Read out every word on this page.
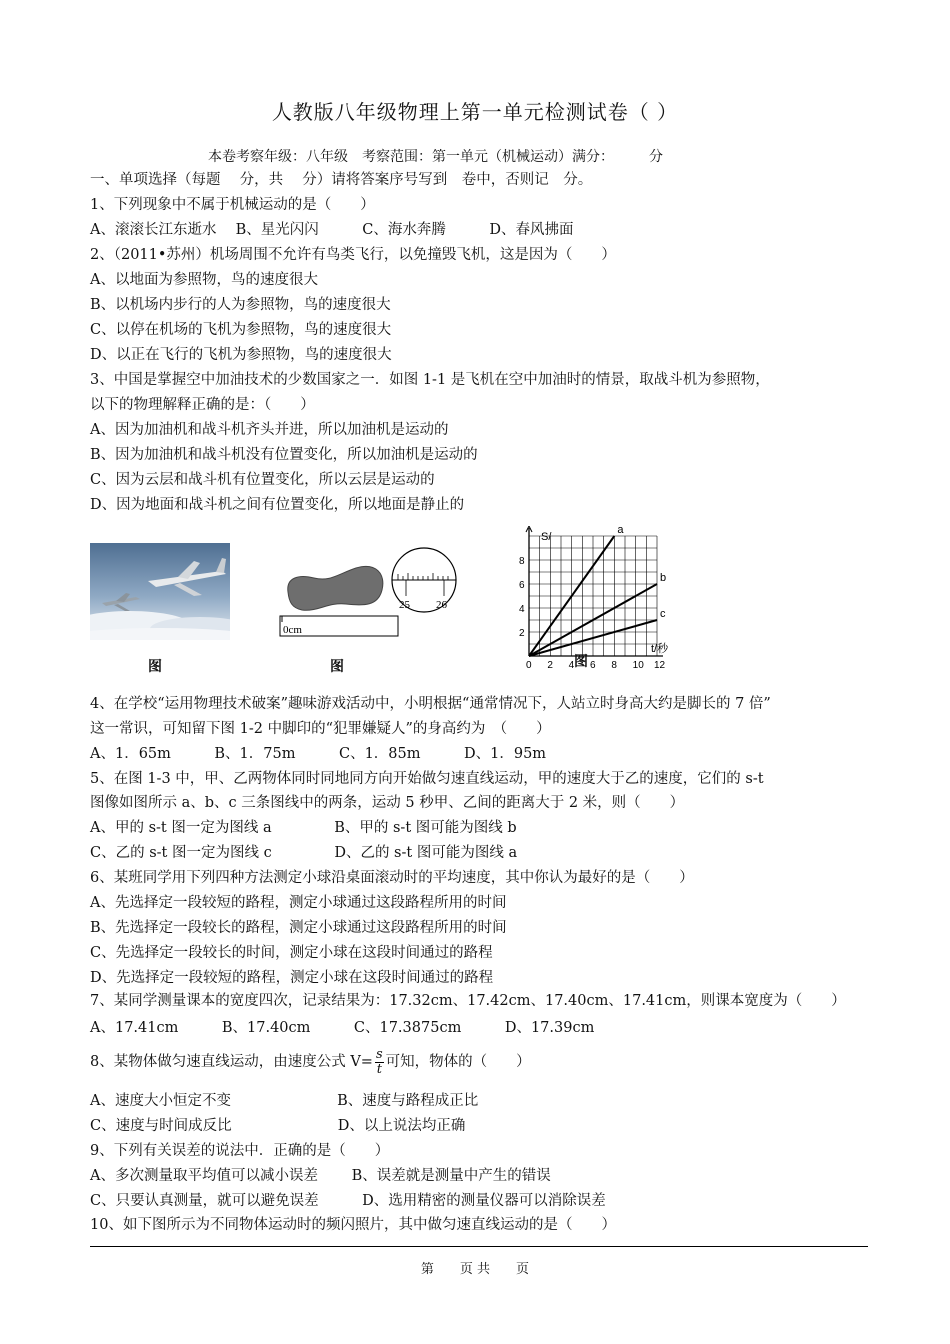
人教版八年级物理上第一单元检测试卷（ ）
本卷考察年级：八年级　考察范围：第一单元（机械运动）满分：　　　分
一、单项选择（每题　 分，共　 分）请将答案序号写到　卷中，否则记　分。
1、下列现象中不属于机械运动的是（　　）
A、滚滚长江东逝水　 B、星光闪闪　　　C、海水奔腾　　　D、春风拂面
2、（2011•苏州）机场周围不允许有鸟类飞行，以免撞毁飞机，这是因为（　　）
A、以地面为参照物，鸟的速度很大
B、以机场内步行的人为参照物，鸟的速度很大
C、以停在机场的飞机为参照物，鸟的速度很大
D、以正在飞行的飞机为参照物，鸟的速度很大
3、中国是掌握空中加油技术的少数国家之一．如图 1-1 是飞机在空中加油时的情景，取战斗机为参照物，
以下的物理解释正确的是：（　　）
A、因为加油机和战斗机齐头并进，所以加油机是运动的
B、因为加油机和战斗机没有位置变化，所以加油机是运动的
C、因为云层和战斗机有位置变化，所以云层是运动的
D、因为地面和战斗机之间有位置变化，所以地面是静止的
图
0cm
25 26
图
a
b
c
0 2 4 6 8 10 12
2
4
6
8
S/
t/秒
图
4、在学校“运用物理技术破案”趣味游戏活动中，小明根据“通常情况下，人站立时身高大约是脚长的 7 倍”
这一常识，可知留下图 1-2 中脚印的“犯罪嫌疑人”的身高约为　（　　）
A、1．65m　　　B、1．75m　　　C、1．85m　　　D、1．95m
5、在图 1-3 中，甲、乙两物体同时同地同方向开始做匀速直线运动，甲的速度大于乙的速度，它们的 s-t
图像如图所示 a、b、c 三条图线中的两条，运动 5 秒甲、乙间的距离大于 2 米，则（　　）
A、甲的 s-t 图一定为图线 a　　　　 B、甲的 s-t 图可能为图线 b
C、乙的 s-t 图一定为图线 c　　　　 D、乙的 s-t 图可能为图线 a
6、某班同学用下列四种方法测定小球沿桌面滚动时的平均速度，其中你认为最好的是（　　）
A、先选择定一段较短的路程，测定小球通过这段路程所用的时间
B、先选择定一段较长的路程，测定小球通过这段路程所用的时间
C、先选择定一段较长的时间，测定小球在这段时间通过的路程
D、先选择定一段较短的路程，测定小球在这段时间通过的路程
7、某同学测量课本的宽度四次，记录结果为：17.32cm、17.42cm、17.40cm、17.41cm，则课本宽度为（　　）
A、17.41cm　　　B、17.40cm　　　C、17.3875cm　　　D、17.39cm
8、某物体做匀速直线运动，由速度公式 $V= \frac{s}{t}$ 可知，物体的（　　）
A、速度大小恒定不变　　　　　　　 B、速度与路程成正比
C、速度与时间成反比　　　　　　　 D、以上说法均正确
9、下列有关误差的说法中．正确的是（　　）
A、多次测量取平均值可以减小误差　　 B、误差就是测量中产生的错误
C、只要认真测量，就可以避免误差　　　D、选用精密的测量仪器可以消除误差
10、如下图所示为不同物体运动时的频闪照片，其中做匀速直线运动的是（　　）
第　　页 共　　页
